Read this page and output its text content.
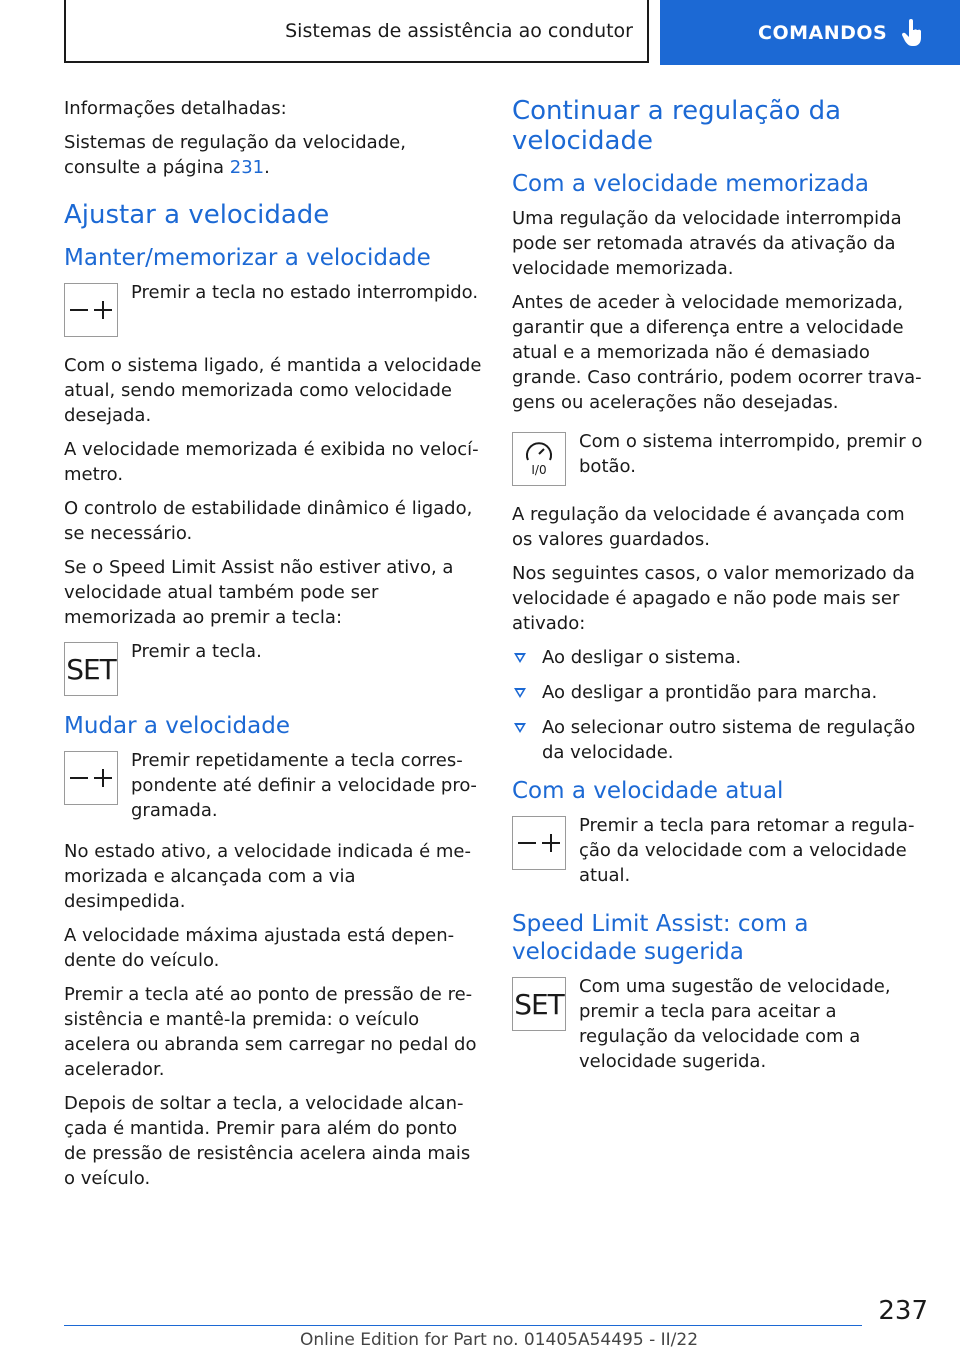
Sistemas de assistência ao condutor	COMANDOS

Informações detalhadas:

Sistemas de regulação da velocidade, consulte a página 231.

Ajustar a velocidade
Manter/memorizar a velocidade
Premir a tecla no estado interrompido.

Com o sistema ligado, é mantida a velocidade atual, sendo memorizada como velocidade desejada.

A velocidade memorizada é exibida no velocímetro.

O controlo de estabilidade dinâmico é ligado, se necessário.

Se o Speed Limit Assist não estiver ativo, a velocidade atual também pode ser memorizada ao premir a tecla:

SET
Premir a tecla.
Mudar a velocidade
Premir repetidamente a tecla correspondente até definir a velocidade programada.

No estado ativo, a velocidade indicada é memorizada e alcançada com a via desimpedida.

A velocidade máxima ajustada está dependente do veículo.

Premir a tecla até ao ponto de pressão de resistência e mantê-la premida: o veículo acelera ou abranda sem carregar no pedal do acelerador.

Depois de soltar a tecla, a velocidade alcançada é mantida. Premir para além do ponto de pressão de resistência acelera ainda mais o veículo.

Continuar a regulação da velocidade
Com a velocidade memorizada

Uma regulação da velocidade interrompida pode ser retomada através da ativação da velocidade memorizada.

Antes de aceder à velocidade memorizada, garantir que a diferença entre a velocidade atual e a memorizada não é demasiado grande. Caso contrário, podem ocorrer travagens ou acelerações não desejadas.

I/0
Com o sistema interrompido, premir o botão.

A regulação da velocidade é avançada com os valores guardados.

Nos seguintes casos, o valor memorizado da velocidade é apagado e não pode mais ser ativado:

Ao desligar o sistema.
Ao desligar a prontidão para marcha.
Ao selecionar outro sistema de regulação da velocidade.
Com a velocidade atual
Premir a tecla para retomar a regulação da velocidade com a velocidade atual.
Speed Limit Assist: com a velocidade sugerida
SET
Com uma sugestão de velocidade, premir a tecla para aceitar a regulação da velocidade com a velocidade sugerida.
237
Online Edition for Part no. 01405A54495 - II/22
